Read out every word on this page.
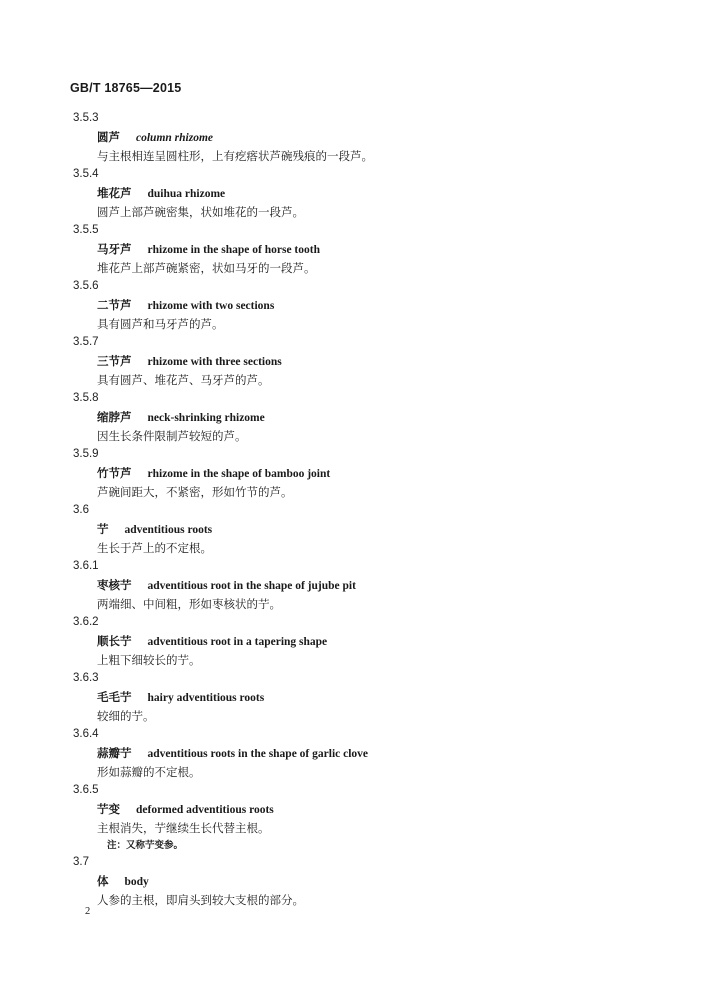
GB/T 18765—2015
3.5.3
圆芦 column rhizome
与主根相连呈圆柱形，上有疙瘩状芦碗残痕的一段芦。
3.5.4
堆花芦 duihua rhizome
圆芦上部芦碗密集，状如堆花的一段芦。
3.5.5
马牙芦 rhizome in the shape of horse tooth
堆花芦上部芦碗紧密，状如马牙的一段芦。
3.5.6
二节芦 rhizome with two sections
具有圆芦和马牙芦的芦。
3.5.7
三节芦 rhizome with three sections
具有圆芦、堆花芦、马牙芦的芦。
3.5.8
缩脖芦 neck-shrinking rhizome
因生长条件限制芦较短的芦。
3.5.9
竹节芦 rhizome in the shape of bamboo joint
芦碗间距大，不紧密，形如竹节的芦。
3.6
艼 adventitious roots
生长于芦上的不定根。
3.6.1
枣核艼 adventitious root in the shape of jujube pit
两端细、中间粗，形如枣核状的艼。
3.6.2
顺长艼 adventitious root in a tapering shape
上粗下细较长的艼。
3.6.3
毛毛艼 hairy adventitious roots
较细的艼。
3.6.4
蒜瓣艼 adventitious roots in the shape of garlic clove
形如蒜瓣的不定根。
3.6.5
艼变 deformed adventitious roots
主根消失，艼继续生长代替主根。
注：又称艼变参。
3.7
体 body
人参的主根，即肩头到较大支根的部分。
2
